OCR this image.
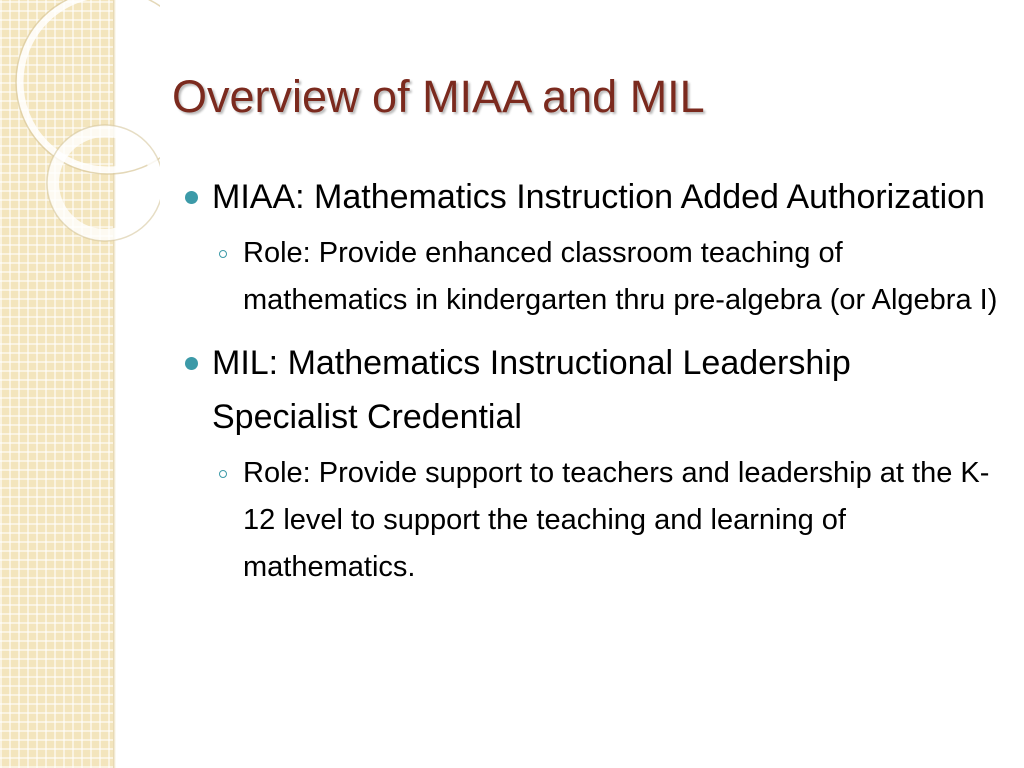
Overview of MIAA and MIL
MIAA: Mathematics Instruction Added Authorization
Role: Provide enhanced classroom teaching of mathematics in kindergarten thru pre-algebra (or Algebra I)
MIL: Mathematics Instructional Leadership Specialist Credential
Role: Provide support to teachers and leadership at the K-12 level to support the teaching and learning of mathematics.
